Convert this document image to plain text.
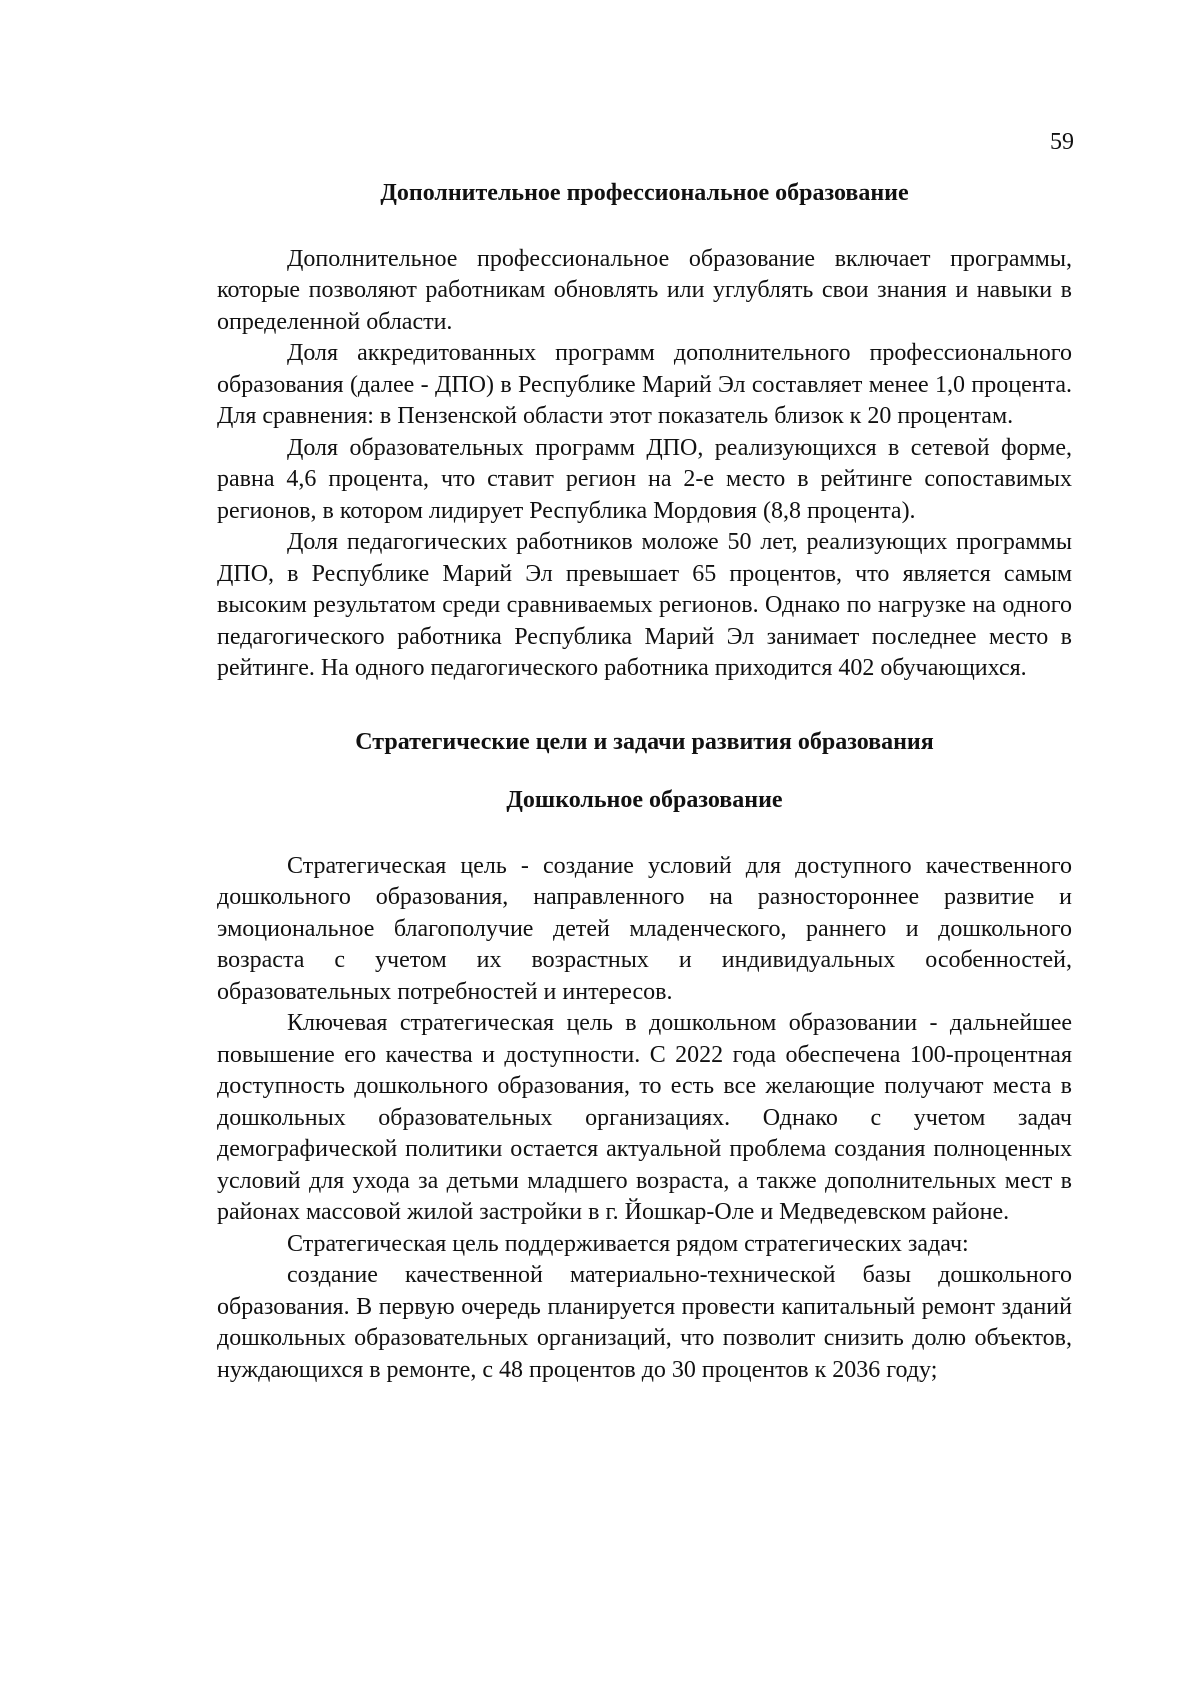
59
Дополнительное профессиональное образование

Дополнительное профессиональное образование включает программы, которые позволяют работникам обновлять или углублять свои знания и навыки в определенной области.

Доля аккредитованных программ дополнительного профессионального образования (далее - ДПО) в Республике Марий Эл составляет менее 1,0 процента. Для сравнения: в Пензенской области этот показатель близок к 20 процентам.

Доля образовательных программ ДПО, реализующихся в сетевой форме, равна 4,6 процента, что ставит регион на 2-е место в рейтинге сопоставимых регионов, в котором лидирует Республика Мордовия (8,8 процента).

Доля педагогических работников моложе 50 лет, реализующих программы ДПО, в Республике Марий Эл превышает 65 процентов, что является самым высоким результатом среди сравниваемых регионов. Однако по нагрузке на одного педагогического работника Республика Марий Эл занимает последнее место в рейтинге. На одного педагогического работника приходится 402 обучающихся.

Стратегические цели и задачи развития образования
Дошкольное образование

Стратегическая цель - создание условий для доступного качественного дошкольного образования, направленного на разностороннее развитие и эмоциональное благополучие детей младенческого, раннего и дошкольного возраста с учетом их возрастных и индивидуальных особенностей, образовательных потребностей и интересов.

Ключевая стратегическая цель в дошкольном образовании - дальнейшее повышение его качества и доступности. С 2022 года обеспечена 100-процентная доступность дошкольного образования, то есть все желающие получают места в дошкольных образовательных организациях. Однако с учетом задач демографической политики остается актуальной проблема создания полноценных условий для ухода за детьми младшего возраста, а также дополнительных мест в районах массовой жилой застройки в г. Йошкар-Оле и Медведевском районе.

Стратегическая цель поддерживается рядом стратегических задач:

создание качественной материально-технической базы дошкольного образования. В первую очередь планируется провести капитальный ремонт зданий дошкольных образовательных организаций, что позволит снизить долю объектов, нуждающихся в ремонте, с 48 процентов до 30 процентов к 2036 году;
